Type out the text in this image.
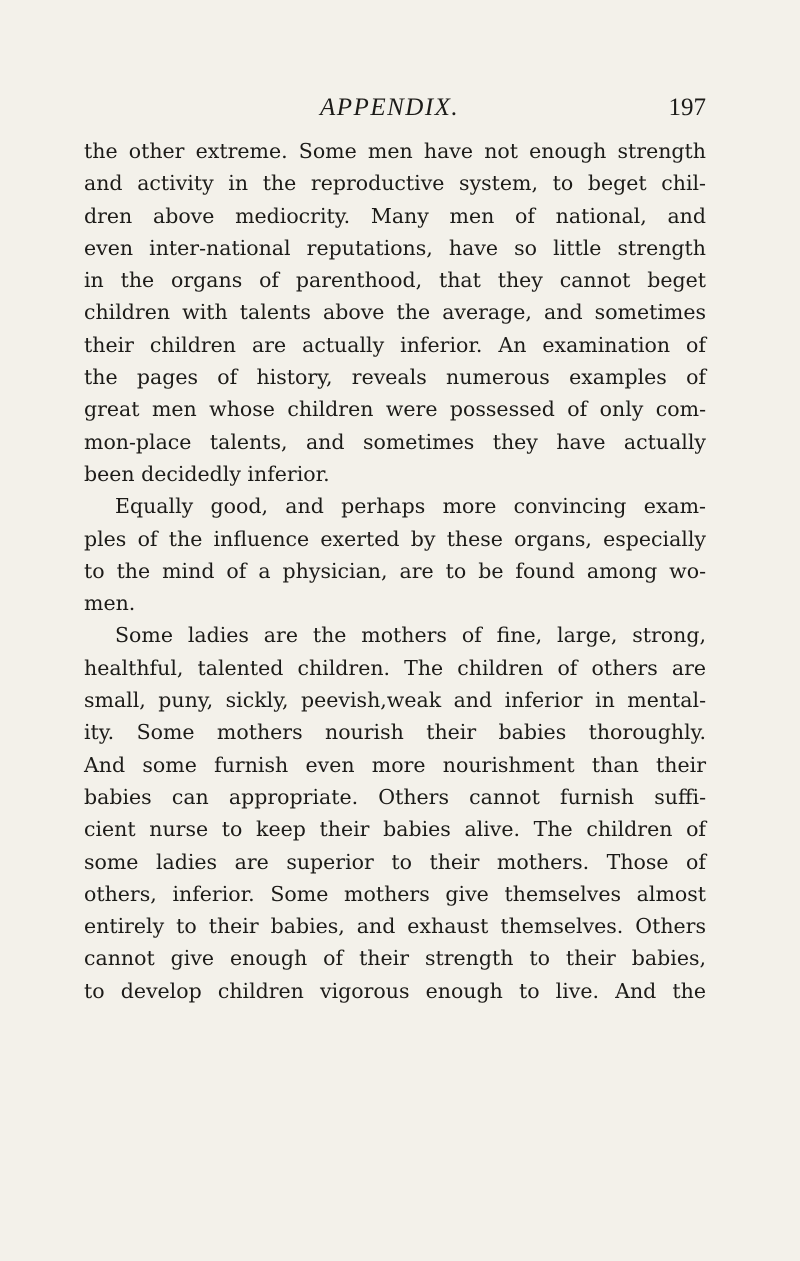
APPENDIX.	197
the other extreme. Some men have not enough strength
and activity in the reproductive system, to beget chil-
dren above mediocrity. Many men of national, and
even inter-national reputations, have so little strength
in the organs of parenthood, that they cannot beget
children with talents above the average, and sometimes
their children are actually inferior. An examination of
the pages of history, reveals numerous examples of
great men whose children were possessed of only com-
mon-place talents, and sometimes they have actually
been decidedly inferior.
Equally good, and perhaps more convincing exam-
ples of the influence exerted by these organs, especially
to the mind of a physician, are to be found among wo-
men.
Some ladies are the mothers of fine, large, strong,
healthful, talented children. The children of others are
small, puny, sickly, peevish,weak and inferior in mental-
ity. Some mothers nourish their babies thoroughly.
And some furnish even more nourishment than their
babies can appropriate. Others cannot furnish suffi-
cient nurse to keep their babies alive. The children of
some ladies are superior to their mothers. Those of
others, inferior. Some mothers give themselves almost
entirely to their babies, and exhaust themselves. Others
cannot give enough of their strength to their babies,
to develop children vigorous enough to live. And the
